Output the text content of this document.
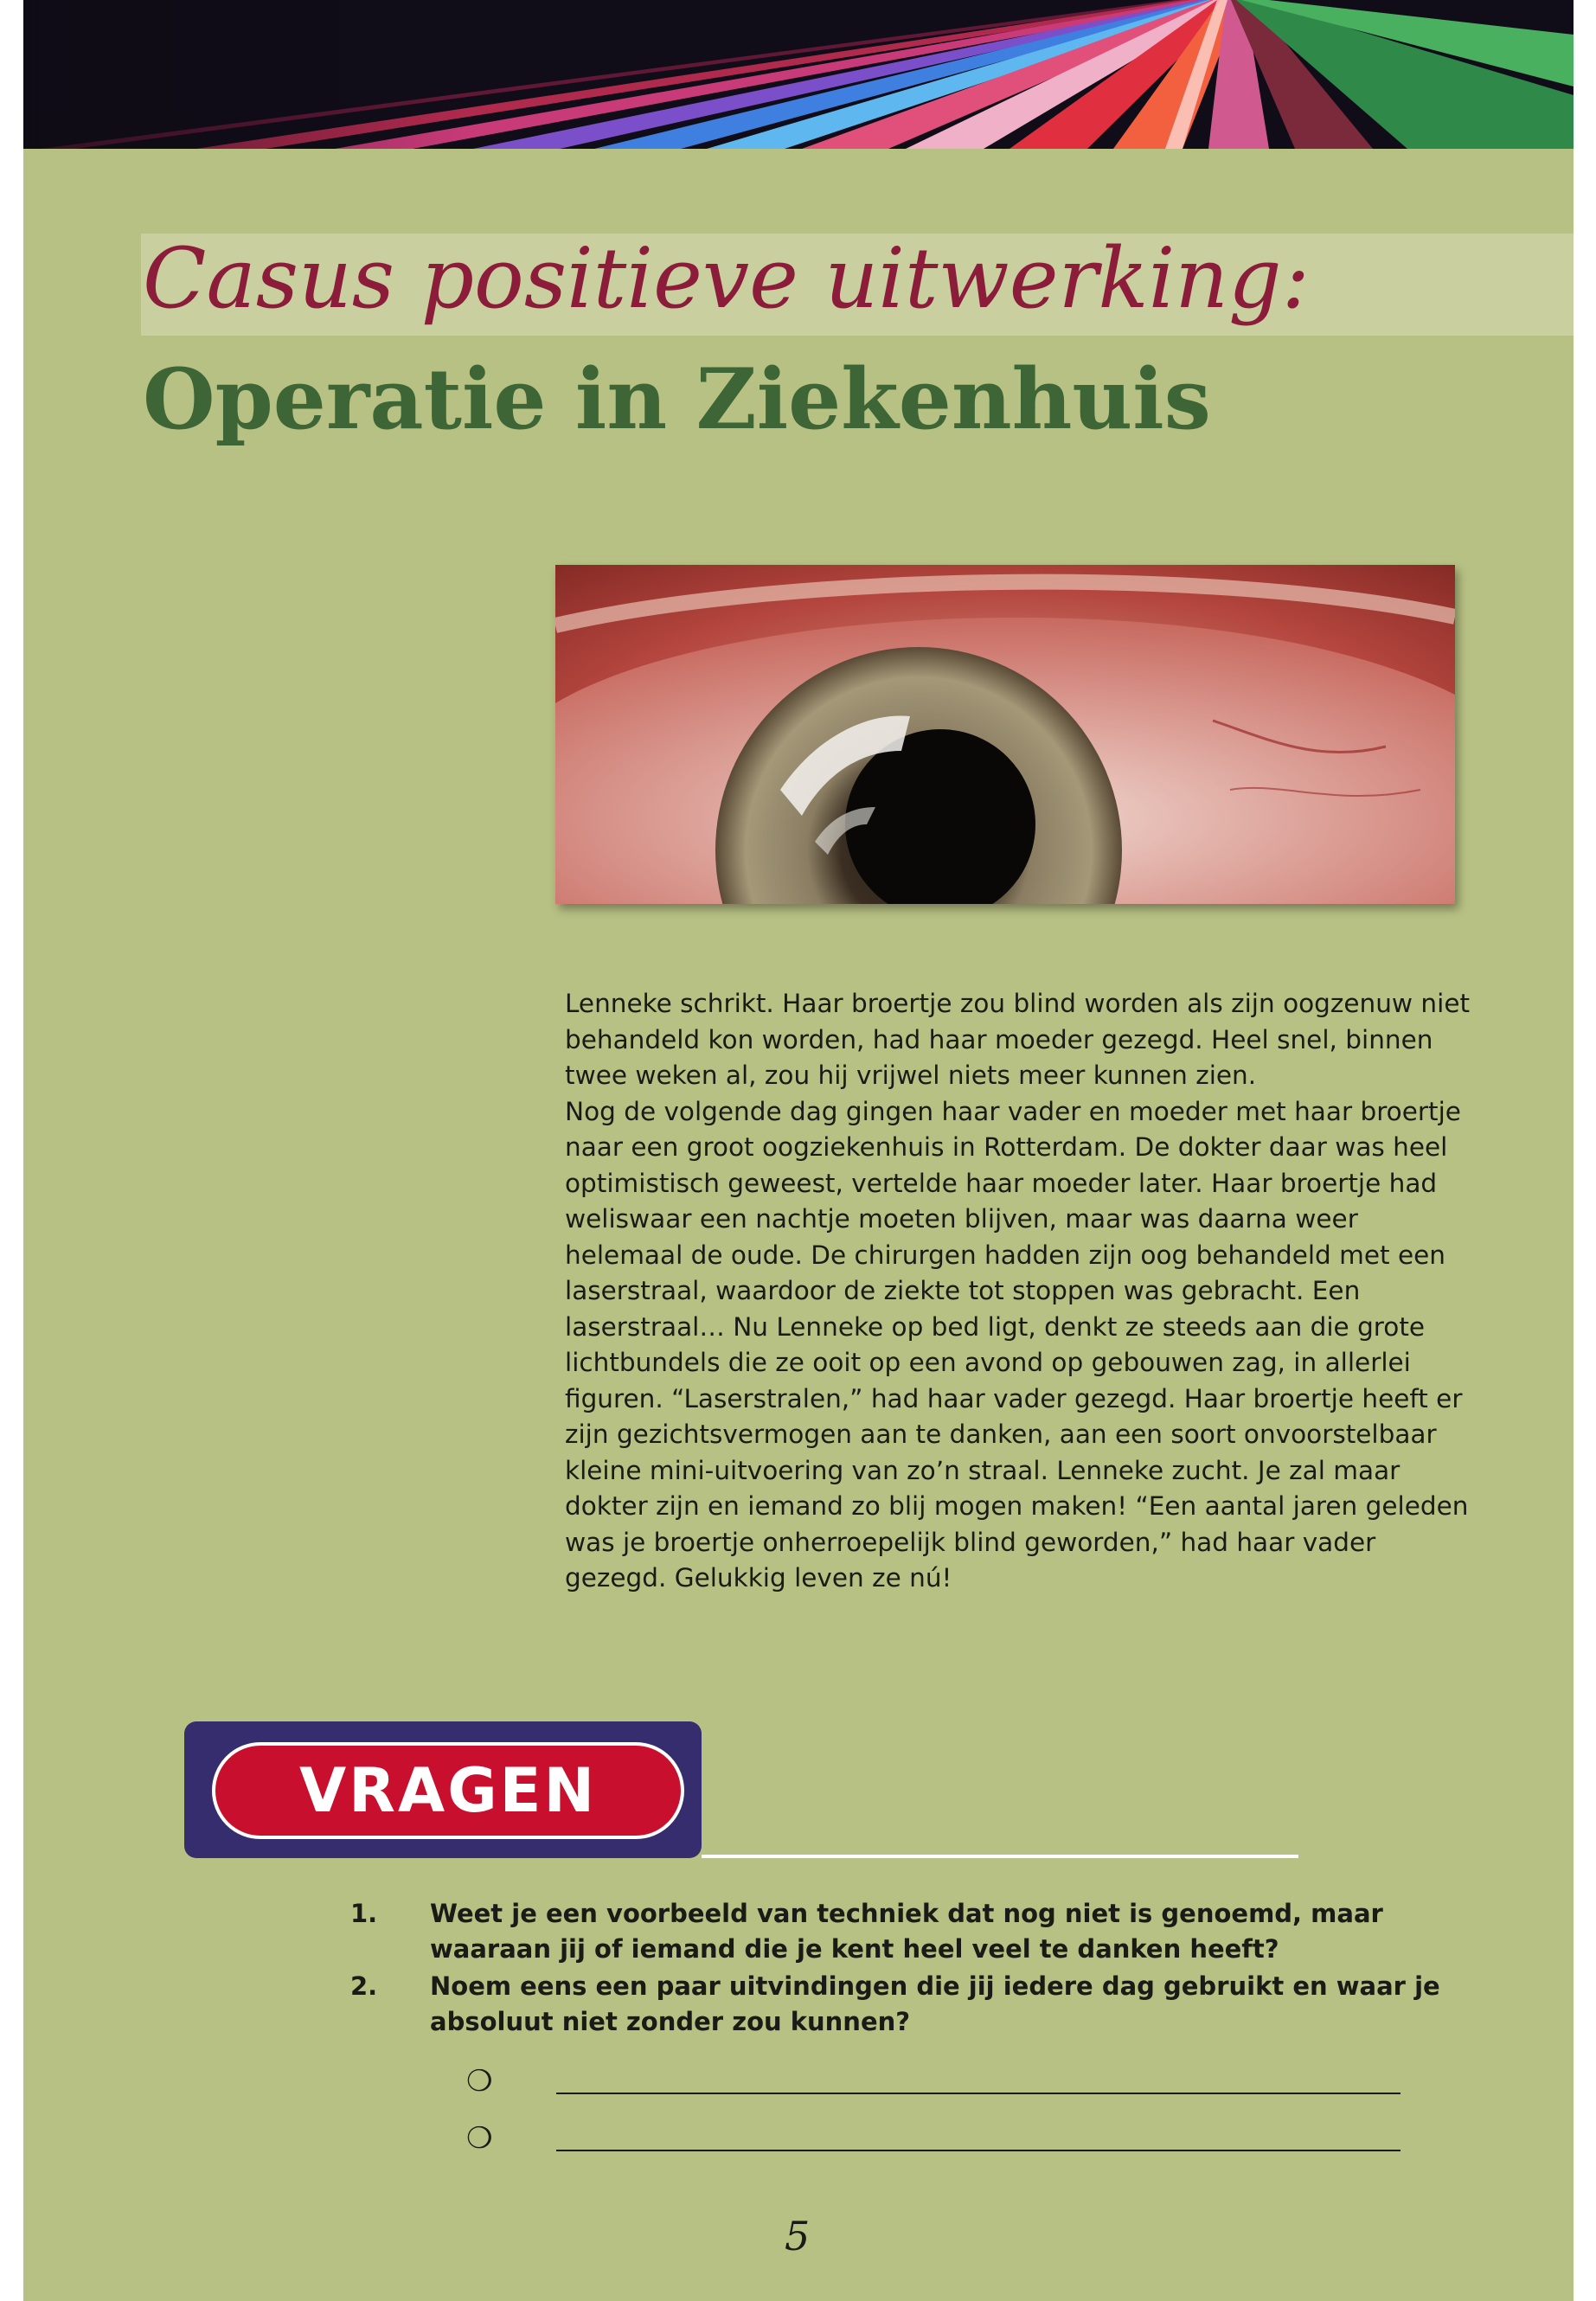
Casus positieve uitwerking:
Operatie in Ziekenhuis

Lenneke schrikt. Haar broertje zou blind worden als zijn oogzenuw niet behandeld kon worden, had haar moeder gezegd. Heel snel, binnen twee weken al, zou hij vrijwel niets meer kunnen zien.
Nog de volgende dag gingen haar vader en moeder met haar broertje naar een groot oogziekenhuis in Rotterdam. De dokter daar was heel optimistisch geweest, vertelde haar moeder later. Haar broertje had weliswaar een nachtje moeten blijven, maar was daarna weer helemaal de oude. De chirurgen hadden zijn oog behandeld met een laserstraal, waardoor de ziekte tot stoppen was gebracht. Een laserstraal… Nu Lenneke op bed ligt, denkt ze steeds aan die grote lichtbundels die ze ooit op een avond op gebouwen zag, in allerlei figuren. “Laserstralen,” had haar vader gezegd. Haar broertje heeft er zijn gezichtsvermogen aan te danken, aan een soort onvoorstelbaar kleine mini-uitvoering van zo’n straal. Lenneke zucht. Je zal maar dokter zijn en iemand zo blij mogen maken! “Een aantal jaren geleden was je broertje onherroepelijk blind geworden,” had haar vader gezegd. Gelukkig leven ze nú!

VRAGEN
1.	Weet je een voorbeeld van techniek dat nog niet is genoemd, maar waaraan jij of iemand die je kent heel veel te danken heeft?
2.	Noem eens een paar uitvindingen die jij iedere dag gebruikt en waar je absoluut niet zonder zou kunnen?
❍
❍
5
